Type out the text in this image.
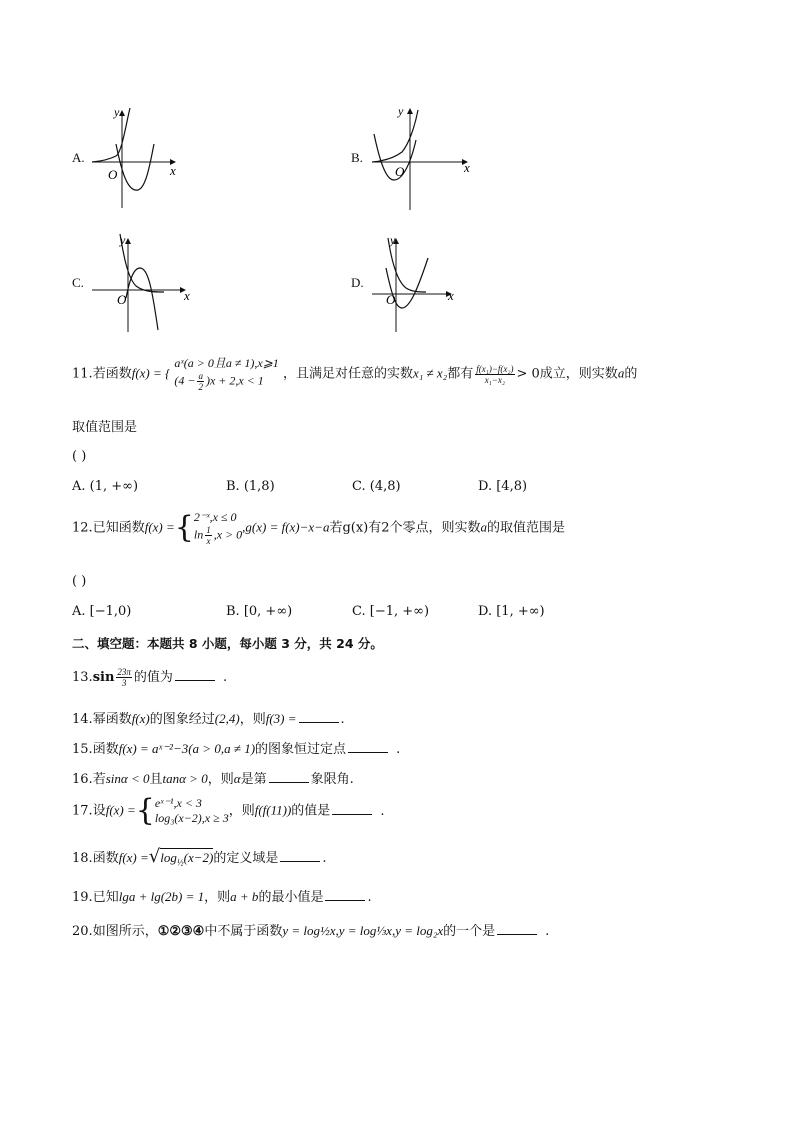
A.
y
x
O
B.
y
x
O
C.
y
x
O
D.
y
x
O
11.若函数f(x) = {
aˣ(a > 0且a ≠ 1),x⩾1
$(4 - \frac{a}{2} )x + 2,x < 1$	，且满足对任意的实数x₁ ≠ x₂都有 $\frac{\text{f(x₁)−f(x₂)}}{\text{x₁−x₂}} > 0$成立，则实数a的
取值范围是
( )
A. (1, +∞)	B. (1,8)	C. (4,8)	D. [4,8)
12.已知函数f(x) ={ 2⁻ˣ,x ≤ 0
$\ln \frac{1}{x} ,x > 0$ ,g(x) = f(x)−x−a若g(x)有2个零点，则实数a的取值范围是
( )
A. [−1,0)	B. [0, +∞)	C. [−1, +∞)	D. [1, +∞)
二、填空题：本题共 8 小题，每小题 3 分，共 24 分。
$13.\sin \frac{23\pi}{3}$ 的值为	.
14.幂函数f(x)的图象经过(2,4)，则f(3) =	.
15.函数f(x) = aˣ⁻²−3(a > 0,a ≠ 1)的图象恒过定点	.
16.若sinα < 0且tanα > 0，则α是第	象限角.
17.设f(x) ={ eˣ⁻¹,x < 3
log₃(x−2),x ≥ 3 ，则f(f(11))的值是	.
18.函数$f(x) =√\log_{\frac{1}{2}}(x-2)$的定义域是	.
19.已知lga + lg(2b) = 1，则a + b的最小值是	.
20.如图所示，①②③④中不属于函数y = log½x,y = log⅓x,y = log₂x的一个是	.
